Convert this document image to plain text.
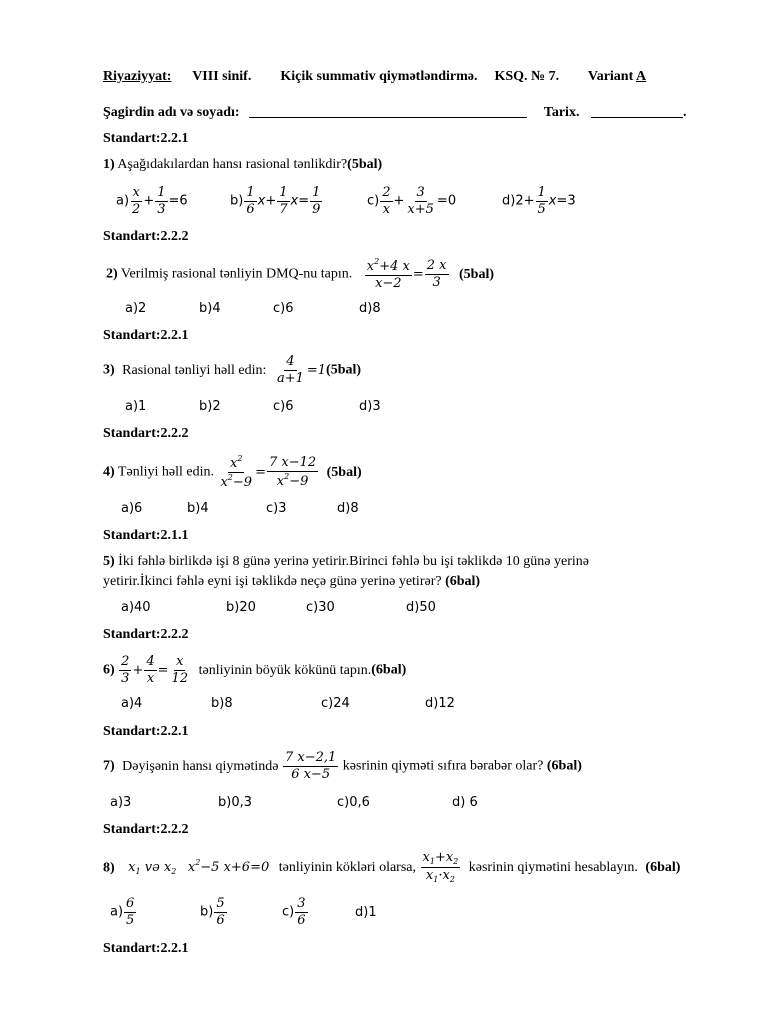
Riyaziyyat: VIII sinif. Kiçik summativ qiymətləndirmə. KSQ. № 7. Variant A
Şagirdin adı və soyadı:	Tarix.	.
Standart:2.2.1
1) Aşağıdakılardan hansı rasional tənlikdir?(5bal)
$a) \frac{x}{2} + \frac{1}{3} =6$	$b) \frac{1}{6} x+ \frac{1}{7} x= \frac{1}{9}$	$c) \frac{2}{x} + \frac{3}{x+5} =0$	$d)2+ \frac{1}{5} x=3$
Standart:2.2.2
2) Verilmiş rasional tənliyin DMQ-nu tapın. $\frac{x^2+4 x}{x-2} = \frac{2 x}{3} (5bal)$
a)2	b)4	c)6	d)8
Standart:2.2.1
3) Rasional tənliyi həll edin: $\frac{4}{a+1} =1(5bal)$
a)1	b)2	c)6	d)3
Standart:2.2.2
4) Tənliyi həll edin. $\frac{x^2}{x^2-9} = \frac{7 x-12}{x^2-9} (5bal)$
a)6	b)4	c)3	d)8
Standart:2.1.1
5) İki fəhlə birlikdə işi 8 günə yerinə yetirir.Birinci fəhlə bu işi təklikdə 10 günə yerinə
yetirir.İkinci fəhlə eyni işi təklikdə neçə günə yerinə yetirər? (6bal)
a)40	b)20	c)30	d)50
Standart:2.2.2
$6) \frac{2}{3} + \frac{4}{x} = \frac{x}{12}$ tənliyinin böyük kökünü tapın.(6bal)
a)4	b)8	c)24	d)12
Standart:2.2.1
7) Dəyişənin hansı qiymətində $\frac{7 x-2,1}{6 x-5}$ kəsrinin qiyməti sıfıra bərabər olar? (6bal)
a)3	b)0,3	c)0,6	d) 6
Standart:2.2.2
8) $x_1$ və $x_2$ $x^2-5$ x+6=0 tənliyinin kökləri olarsa, $\frac{x_1+x_2}{x_1\cdot x_2}$ kəsrinin qiymətini hesablayın. (6bal)
$a) \frac{6}{5}$	$b) \frac{5}{6}$	$c) \frac{3}{6}$	d)1
Standart:2.2.1
